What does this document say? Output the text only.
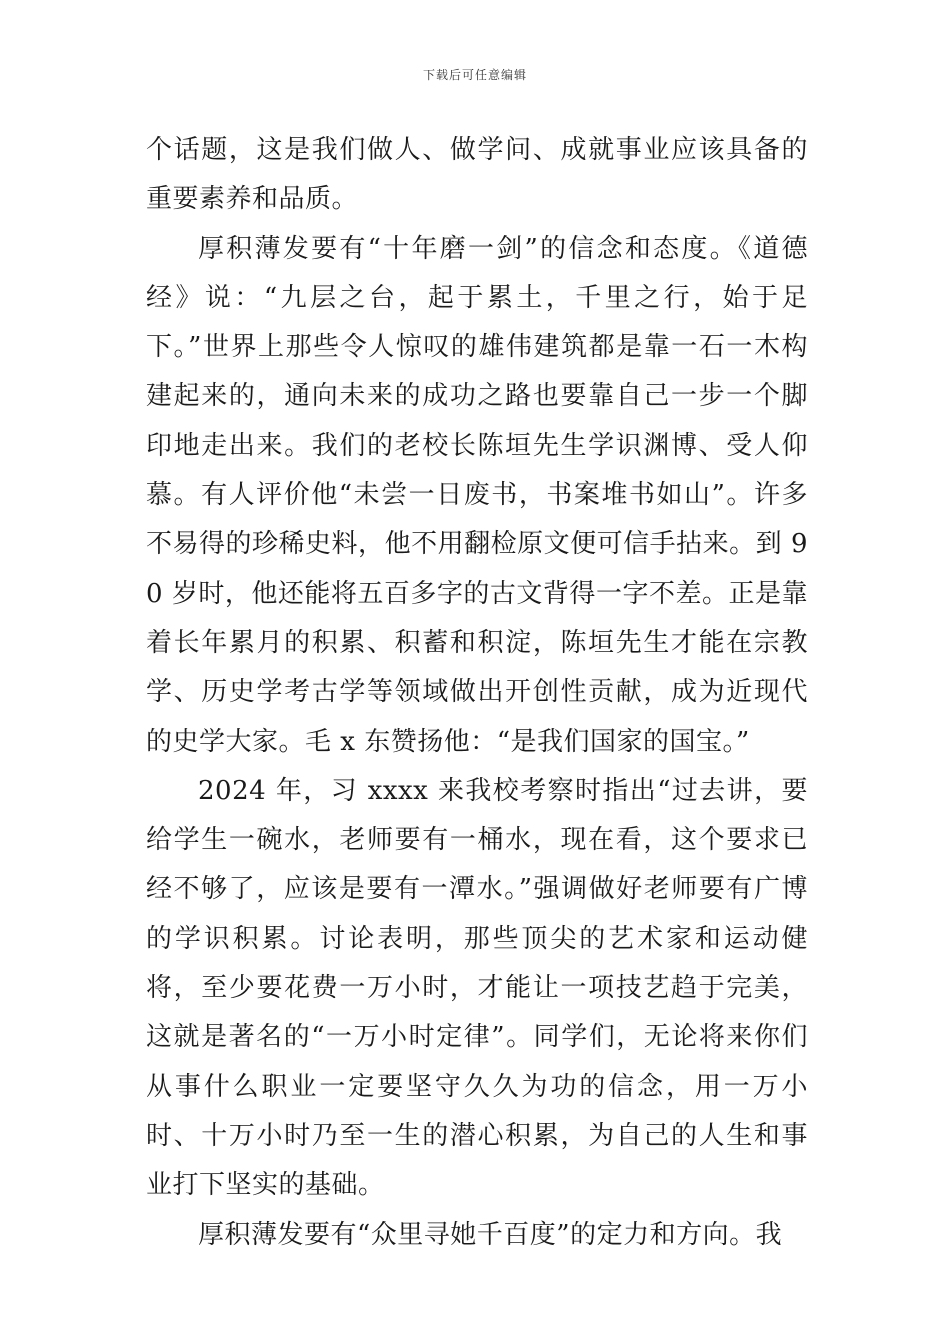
下载后可任意编辑

个话题，这是我们做人、做学问、成就事业应该具备的重要素养和品质。

厚积薄发要有“十年磨一剑”的信念和态度。《道德经》说：“九层之台，起于累土，千里之行，始于足下。”世界上那些令人惊叹的雄伟建筑都是靠一石一木构建起来的，通向未来的成功之路也要靠自己一步一个脚印地走出来。我们的老校长陈垣先生学识渊博、受人仰慕。有人评价他“未尝一日废书，书案堆书如山”。许多不易得的珍稀史料，他不用翻检原文便可信手拈来。到 90 岁时，他还能将五百多字的古文背得一字不差。正是靠着长年累月的积累、积蓄和积淀，陈垣先生才能在宗教学、历史学考古学等领域做出开创性贡献，成为近现代的史学大家。毛 x 东赞扬他：“是我们国家的国宝。”

2024 年，习 xxxx 来我校考察时指出“过去讲，要给学生一碗水，老师要有一桶水，现在看，这个要求已经不够了，应该是要有一潭水。”强调做好老师要有广博的学识积累。讨论表明，那些顶尖的艺术家和运动健将，至少要花费一万小时，才能让一项技艺趋于完美，这就是著名的“一万小时定律”。同学们，无论将来你们从事什么职业一定要坚守久久为功的信念，用一万小时、十万小时乃至一生的潜心积累，为自己的人生和事业打下坚实的基础。

厚积薄发要有“众里寻她千百度”的定力和方向。我
